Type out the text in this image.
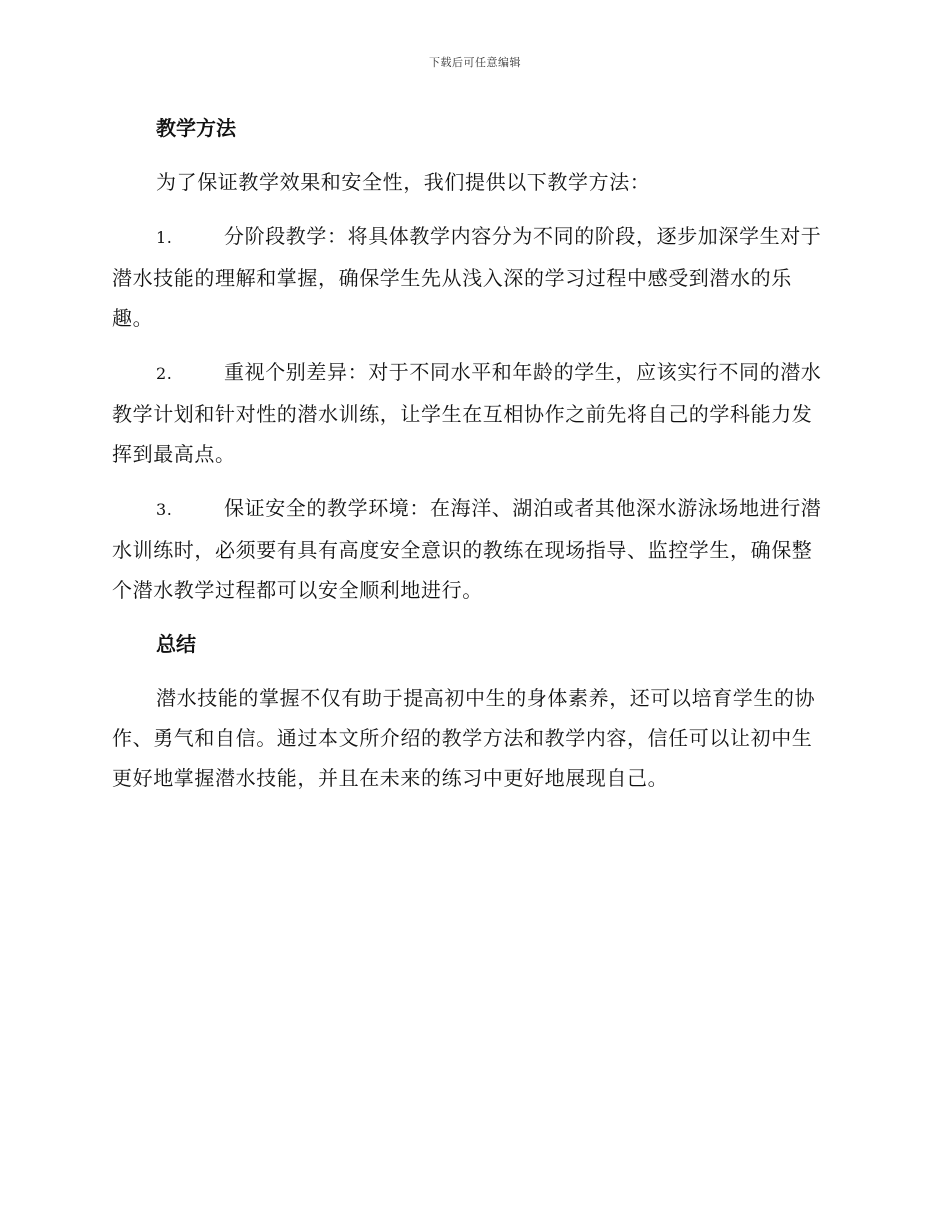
下载后可任意编辑
教学方法

为了保证教学效果和安全性，我们提供以下教学方法：

1.	分阶段教学：将具体教学内容分为不同的阶段，逐步加深学生对于潜水技能的理解和掌握，确保学生先从浅入深的学习过程中感受到潜水的乐趣。

2.	重视个别差异：对于不同水平和年龄的学生，应该实行不同的潜水教学计划和针对性的潜水训练，让学生在互相协作之前先将自己的学科能力发挥到最高点。

3.	保证安全的教学环境：在海洋、湖泊或者其他深水游泳场地进行潜水训练时，必须要有具有高度安全意识的教练在现场指导、监控学生，确保整个潜水教学过程都可以安全顺利地进行。

总结

潜水技能的掌握不仅有助于提高初中生的身体素养，还可以培育学生的协作、勇气和自信。通过本文所介绍的教学方法和教学内容，信任可以让初中生更好地掌握潜水技能，并且在未来的练习中更好地展现自己。
